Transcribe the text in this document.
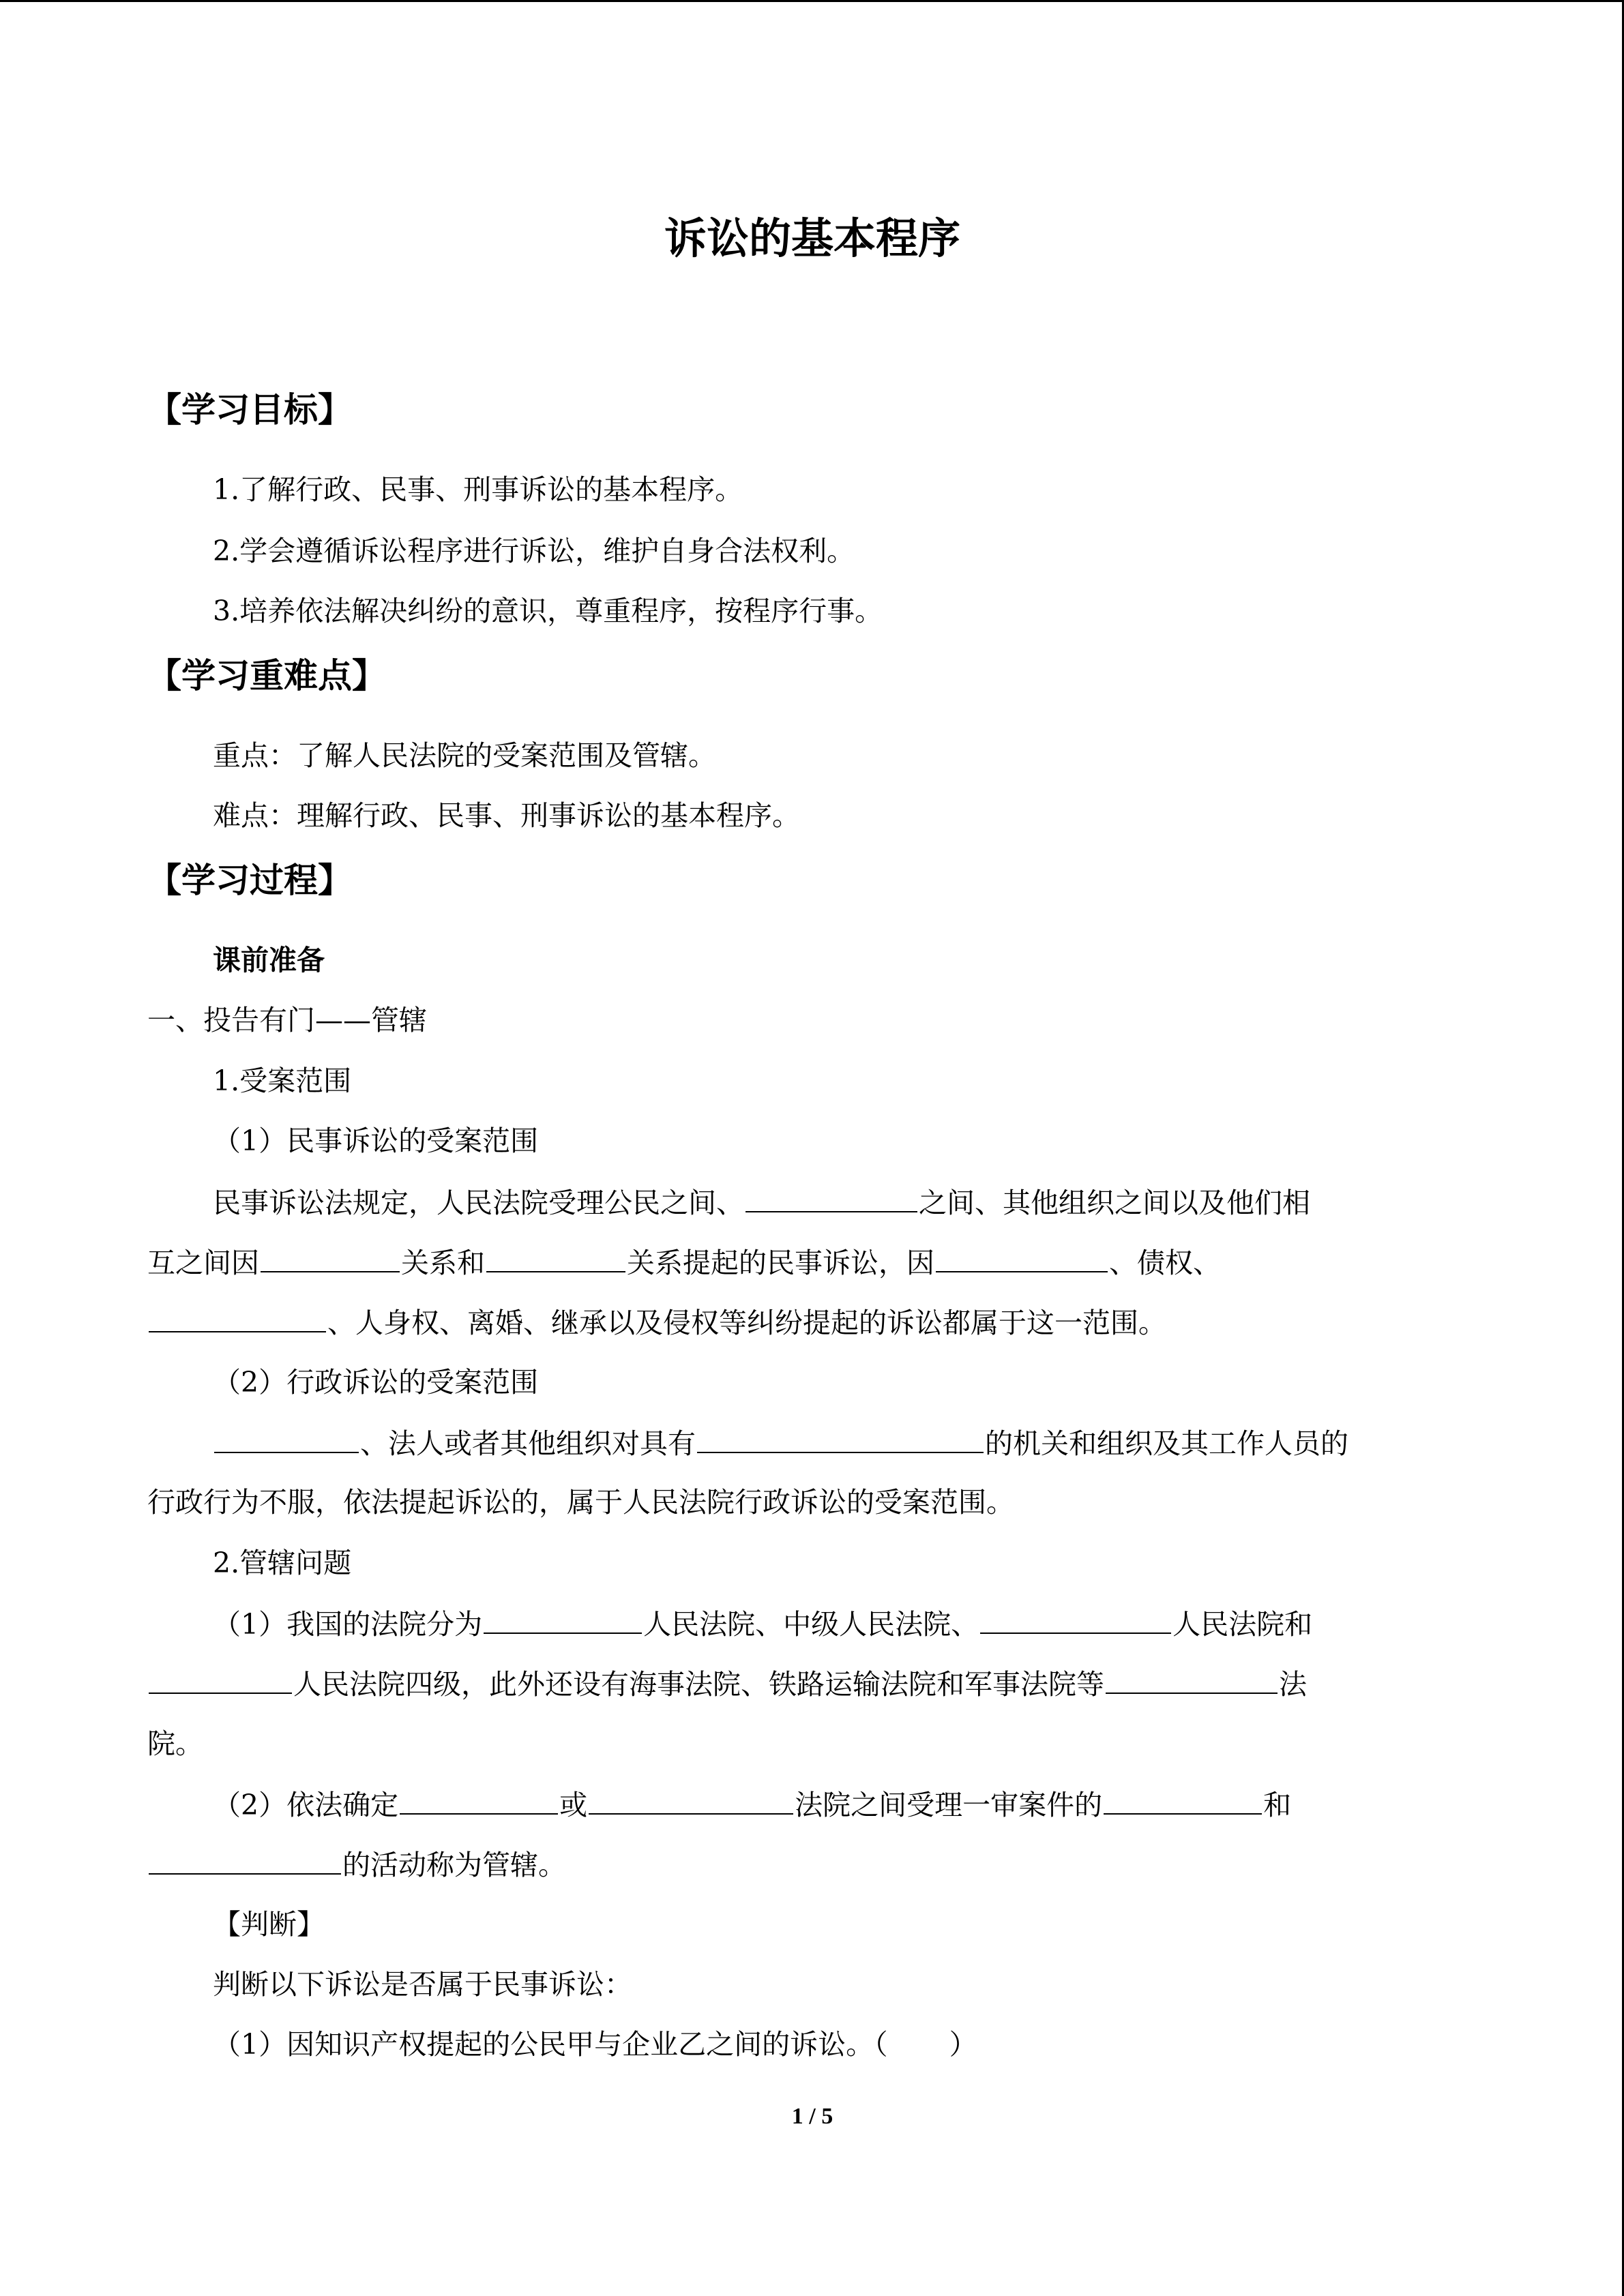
诉讼的基本程序
【学习目标】
1.了解行政、民事、刑事诉讼的基本程序。
2.学会遵循诉讼程序进行诉讼，维护自身合法权利。
3.培养依法解决纠纷的意识，尊重程序，按程序行事。
【学习重难点】
重点：了解人民法院的受案范围及管辖。
难点：理解行政、民事、刑事诉讼的基本程序。
【学习过程】
课前准备
一、投告有门——管辖
1.受案范围
（1）民事诉讼的受案范围
民事诉讼法规定，人民法院受理公民之间、	之间、其他组织之间以及他们相
互之间因	关系和	关系提起的民事诉讼，因	、债权、
、人身权、离婚、继承以及侵权等纠纷提起的诉讼都属于这一范围。
（2）行政诉讼的受案范围
、法人或者其他组织对具有	的机关和组织及其工作人员的
行政行为不服，依法提起诉讼的，属于人民法院行政诉讼的受案范围。
2.管辖问题
（1）我国的法院分为	人民法院、中级人民法院、	人民法院和
人民法院四级，此外还设有海事法院、铁路运输法院和军事法院等	法
院。
（2）依法确定	或	法院之间受理一审案件的	和
的活动称为管辖。
【判断】
判断以下诉讼是否属于民事诉讼：
（1）因知识产权提起的公民甲与企业乙之间的诉讼。（ ）
1 / 5
